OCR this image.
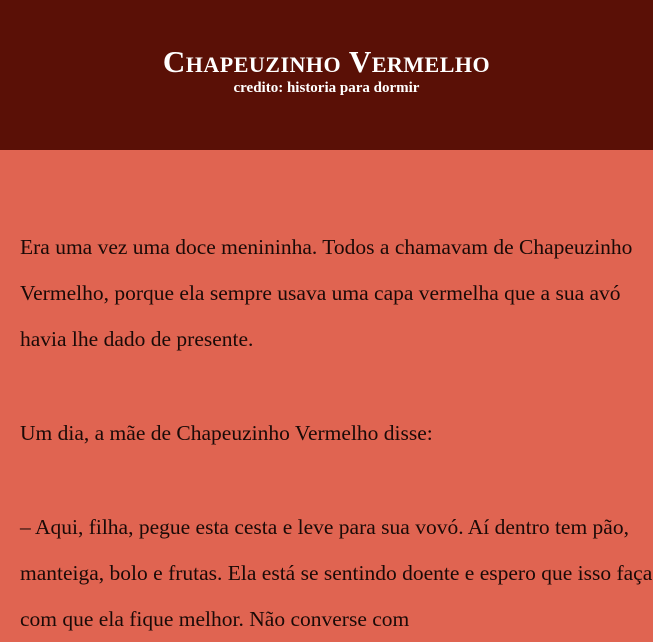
Chapeuzinho Vermelho

credito: historia para dormir

Era uma vez uma doce menininha. Todos a chamavam de Chapeuzinho Vermelho, porque ela sempre usava uma capa vermelha que a sua avó havia lhe dado de presente.

Um dia, a mãe de Chapeuzinho Vermelho disse:

– Aqui, filha, pegue esta cesta e leve para sua vovó. Aí dentro tem pão, manteiga, bolo e frutas. Ela está se sentindo doente e espero que isso faça com que ela fique melhor. Não converse com
